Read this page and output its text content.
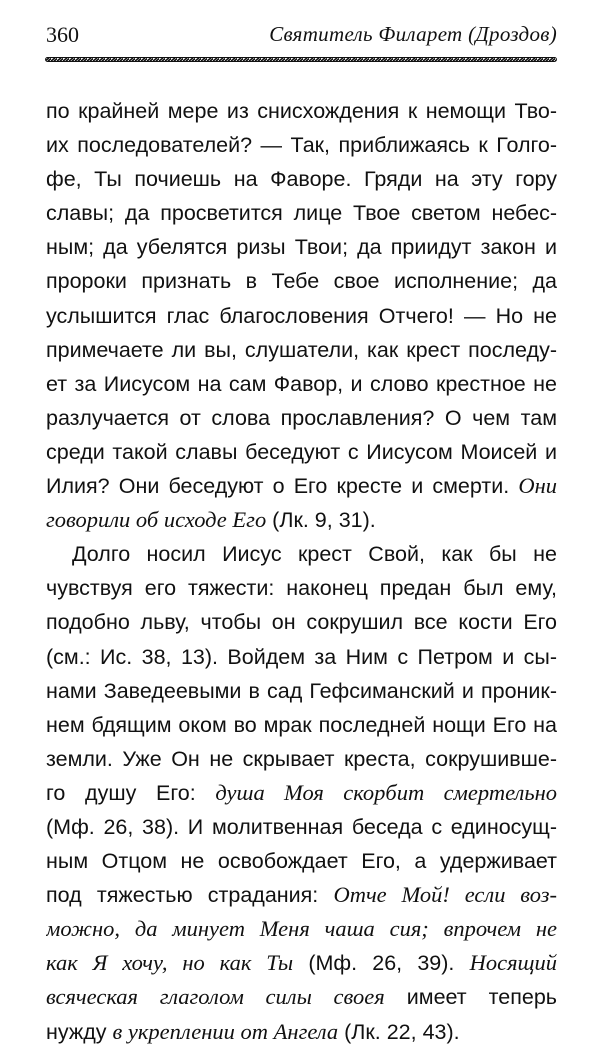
360	Святитель Филарет (Дроздов)
по крайней мере из снисхождения к немощи Тво-
их последователей? — Так, приближаясь к Голго-
фе, Ты почиешь на Фаворе. Гряди на эту гору
славы; да просветится лице Твое светом небес-
ным; да убелятся ризы Твои; да приидут закон и
пророки признать в Тебе свое исполнение; да
услышится глас благословения Отчего! — Но не
примечаете ли вы, слушатели, как крест последу-
ет за Иисусом на сам Фавор, и слово крестное не
разлучается от слова прославления? О чем там
среди такой славы беседуют с Иисусом Моисей и
Илия? Они беседуют о Его кресте и смерти. Они
говорили об исходе Его (Лк. 9, 31).
Долго носил Иисус крест Свой, как бы не
чувствуя его тяжести: наконец предан был ему,
подобно льву, чтобы он сокрушил все кости Его
(см.: Ис. 38, 13). Войдем за Ним с Петром и сы-
нами Заведеевыми в сад Гефсиманский и проник-
нем бдящим оком во мрак последней нощи Его на
земли. Уже Он не скрывает креста, сокрушивше-
го душу Его: душа Моя скорбит смертельно
(Мф. 26, 38). И молитвенная беседа с единосущ-
ным Отцом не освобождает Его, а удерживает
под тяжестью страдания: Отче Мой! если воз-
можно, да минует Меня чаша сия; впрочем не
как Я хочу, но как Ты (Мф. 26, 39). Носящий
всяческая глаголом силы своея имеет теперь
нужду в укреплении от Ангела (Лк. 22, 43).
